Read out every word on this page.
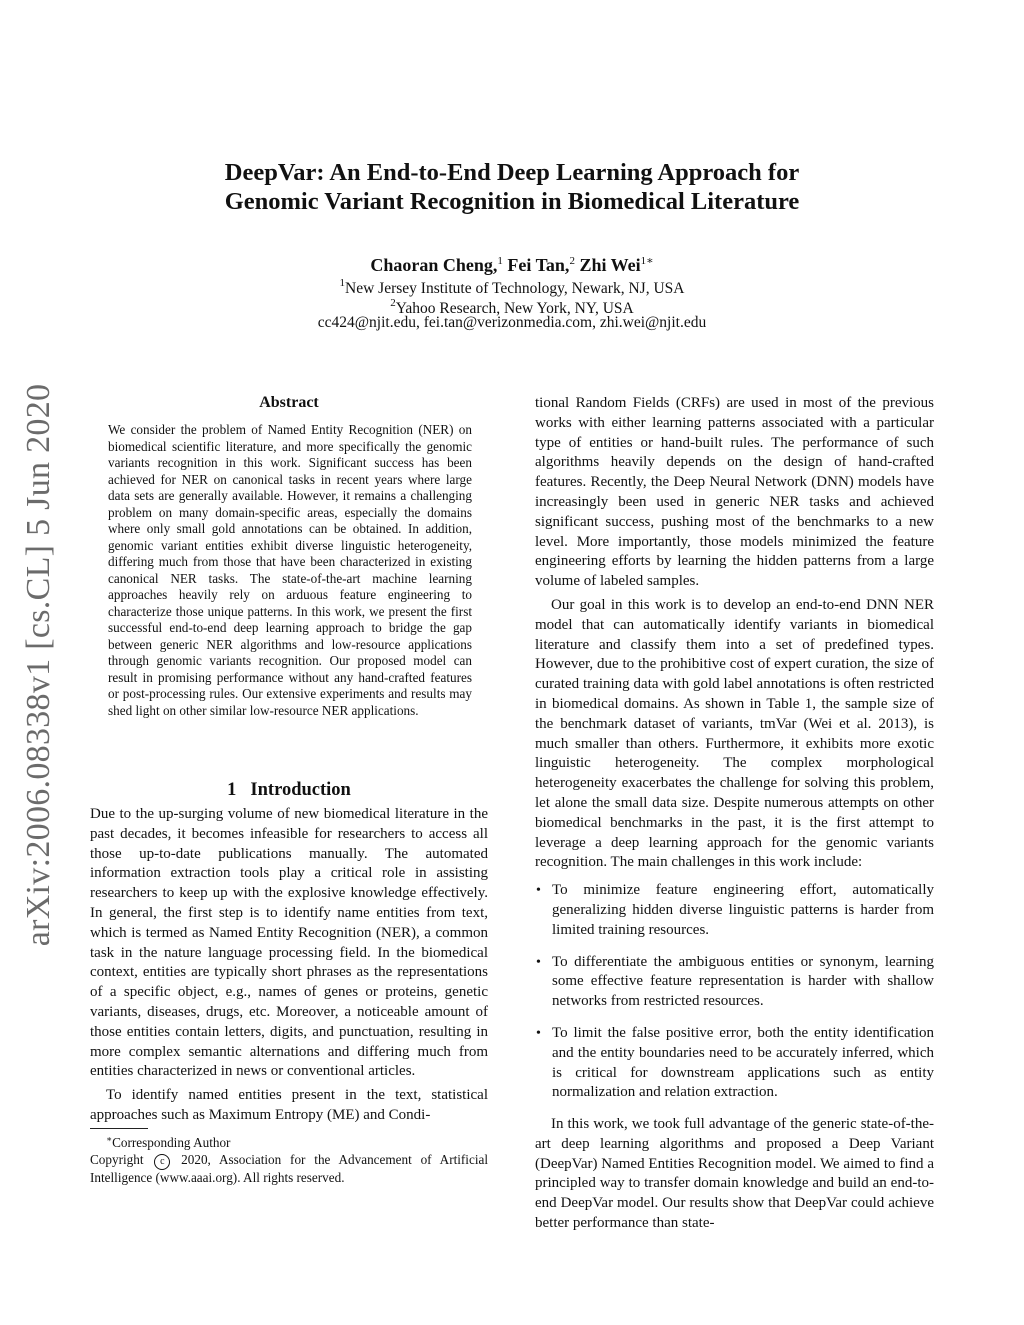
arXiv:2006.08338v1 [cs.CL] 5 Jun 2020
DeepVar: An End-to-End Deep Learning Approach for
Genomic Variant Recognition in Biomedical Literature
Chaoran Cheng,$^1$ Fei Tan,$^2$ Zhi Wei$^{1∗}$
$^1$New Jersey Institute of Technology, Newark, NJ, USA
$^2$Yahoo Research, New York, NY, USA
cc424@njit.edu, fei.tan@verizonmedia.com, zhi.wei@njit.edu
Abstract

We consider the problem of Named Entity Recognition (NER) on biomedical scientific literature, and more specifically the genomic variants recognition in this work. Significant success has been achieved for NER on canonical tasks in recent years where large data sets are generally available. However, it remains a challenging problem on many domain-specific areas, especially the domains where only small gold annotations can be obtained. In addition, genomic variant entities exhibit diverse linguistic heterogeneity, differing much from those that have been characterized in existing canonical NER tasks. The state-of-the-art machine learning approaches heavily rely on arduous feature engineering to characterize those unique patterns. In this work, we present the first successful end-to-end deep learning approach to bridge the gap between generic NER algorithms and low-resource applications through genomic variants recognition. Our proposed model can result in promising performance without any hand-crafted features or post-processing rules. Our extensive experiments and results may shed light on other similar low-resource NER applications.

1 Introduction

Due to the up-surging volume of new biomedical literature in the past decades, it becomes infeasible for researchers to access all those up-to-date publications manually. The automated information extraction tools play a critical role in assisting researchers to keep up with the explosive knowledge effectively. In general, the first step is to identify name entities from text, which is termed as Named Entity Recognition (NER), a common task in the nature language processing field. In the biomedical context, entities are typically short phrases as the representations of a specific object, e.g., names of genes or proteins, genetic variants, diseases, drugs, etc. Moreover, a noticeable amount of those entities contain letters, digits, and punctuation, resulting in more complex semantic alternations and differing much from entities characterized in news or conventional articles.

To identify named entities present in the text, statistical approaches such as Maximum Entropy (ME) and Condi-

∗Corresponding Author

Copyright c 2020, Association for the Advancement of Artificial Intelligence (www.aaai.org). All rights reserved.

tional Random Fields (CRFs) are used in most of the previous works with either learning patterns associated with a particular type of entities or hand-built rules. The performance of such algorithms heavily depends on the design of hand-crafted features. Recently, the Deep Neural Network (DNN) models have increasingly been used in generic NER tasks and achieved significant success, pushing most of the benchmarks to a new level. More importantly, those models minimized the feature engineering efforts by learning the hidden patterns from a large volume of labeled samples.

Our goal in this work is to develop an end-to-end DNN NER model that can automatically identify variants in biomedical literature and classify them into a set of predefined types. However, due to the prohibitive cost of expert curation, the size of curated training data with gold label annotations is often restricted in biomedical domains. As shown in Table 1, the sample size of the benchmark dataset of variants, tmVar (Wei et al. 2013), is much smaller than others. Furthermore, it exhibits more exotic linguistic heterogeneity. The complex morphological heterogeneity exacerbates the challenge for solving this problem, let alone the small data size. Despite numerous attempts on other biomedical benchmarks in the past, it is the first attempt to leverage a deep learning approach for the genomic variants recognition. The main challenges in this work include:

• To minimize feature engineering effort, automatically generalizing hidden diverse linguistic patterns is harder from limited training resources.
• To differentiate the ambiguous entities or synonym, learning some effective feature representation is harder with shallow networks from restricted resources.
• To limit the false positive error, both the entity identification and the entity boundaries need to be accurately inferred, which is critical for downstream applications such as entity normalization and relation extraction.

In this work, we took full advantage of the generic state-of-the-art deep learning algorithms and proposed a Deep Variant (DeepVar) Named Entities Recognition model. We aimed to find a principled way to transfer domain knowledge and build an end-to-end DeepVar model. Our results show that DeepVar could achieve better performance than state-
